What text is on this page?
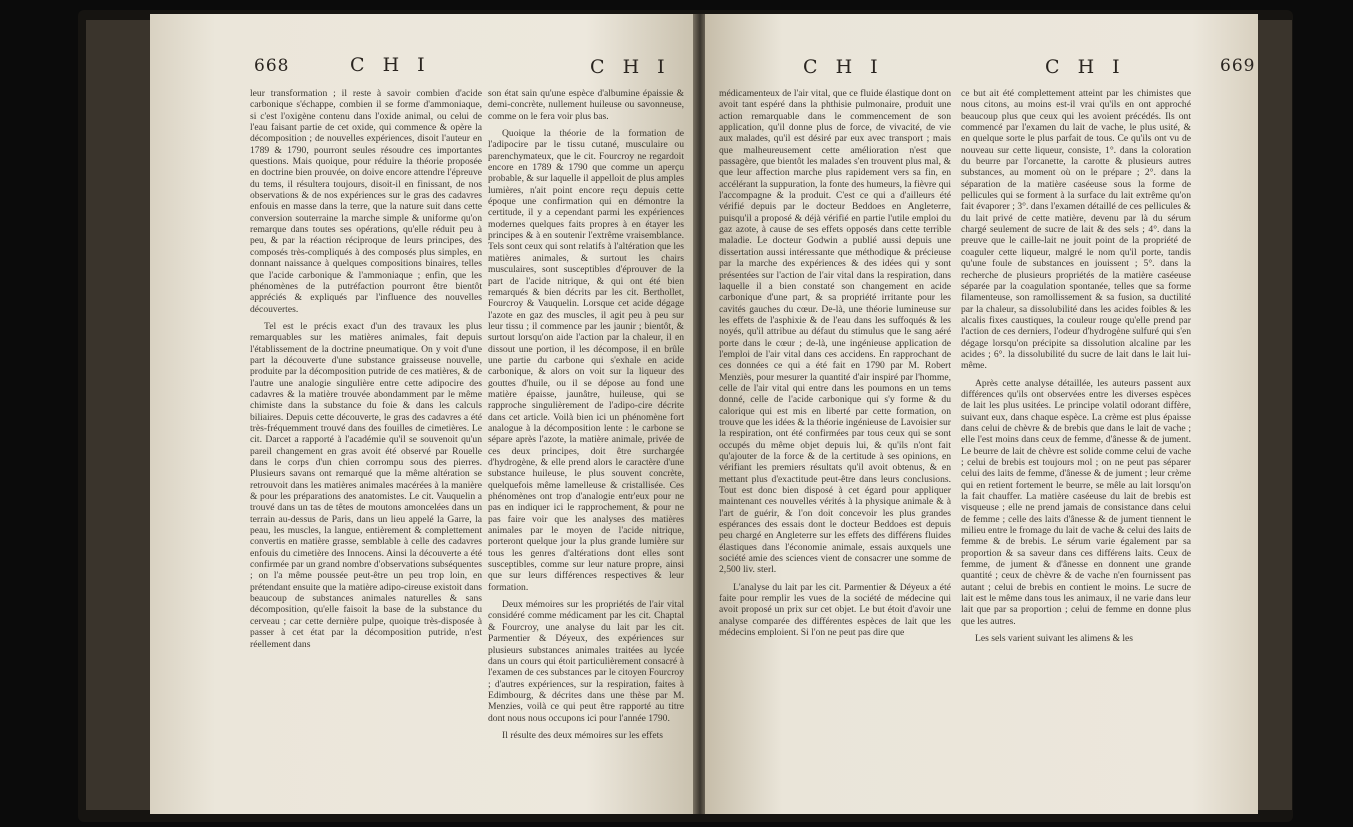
668	C H I	C H I

leur transformation ; il reste à savoir combien d'acide carbonique s'échappe, combien il se forme d'ammoniaque, si c'est l'oxigène contenu dans l'oxide animal, ou celui de l'eau faisant partie de cet oxide, qui commence & opère la décomposition ; de nouvelles expériences, disoit l'auteur en 1789 & 1790, pourront seules résoudre ces importantes questions. Mais quoique, pour réduire la théorie proposée en doctrine bien prouvée, on doive encore attendre l'épreuve du tems, il résultera toujours, disoit-il en finissant, de nos observations & de nos expériences sur le gras des cadavres enfouis en masse dans la terre, que la nature suit dans cette conversion souterraine la marche simple & uniforme qu'on remarque dans toutes ses opérations, qu'elle réduit peu à peu, & par la réaction réciproque de leurs principes, des composés très-compliqués à des composés plus simples, en donnant naissance à quelques compositions binaires, telles que l'acide carbonique & l'ammoniaque ; enfin, que les phénomènes de la putréfaction pourront être bientôt appréciés & expliqués par l'influence des nouvelles découvertes.

Tel est le précis exact d'un des travaux les plus remarquables sur les matières animales, fait depuis l'établissement de la doctrine pneumatique. On y voit d'une part la découverte d'une substance graisseuse nouvelle, produite par la décomposition putride de ces matières, & de l'autre une analogie singulière entre cette adipocire des cadavres & la matière trouvée abondamment par le même chimiste dans la substance du foie & dans les calculs biliaires. Depuis cette découverte, le gras des cadavres a été très-fréquemment trouvé dans des fouilles de cimetières. Le cit. Darcet a rapporté à l'académie qu'il se souvenoit qu'un pareil changement en gras avoit été observé par Rouelle dans le corps d'un chien corrompu sous des pierres. Plusieurs savans ont remarqué que la même altération se retrouvoit dans les matières animales macérées à la manière & pour les préparations des anatomistes. Le cit. Vauquelin a trouvé dans un tas de têtes de moutons amoncelées dans un terrain au-dessus de Paris, dans un lieu appelé la Garre, la peau, les muscles, la langue, entièrement & complettement convertis en matière grasse, semblable à celle des cadavres enfouis du cimetière des Innocens. Ainsi la découverte a été confirmée par un grand nombre d'observations subséquentes ; on l'a même poussée peut-être un peu trop loin, en prétendant ensuite que la matière adipo-cireuse existoit dans beaucoup de substances animales naturelles & sans décomposition, qu'elle faisoit la base de la substance du cerveau ; car cette dernière pulpe, quoique très-disposée à passer à cet état par la décomposition putride, n'est réellement dans

son état sain qu'une espèce d'albumine épaissie & demi-concrète, nullement huileuse ou savonneuse, comme on le fera voir plus bas.

Quoique la théorie de la formation de l'adipocire par le tissu cutané, musculaire ou parenchymateux, que le cit. Fourcroy ne regardoit encore en 1789 & 1790 que comme un aperçu probable, & sur laquelle il appelloit de plus amples lumières, n'ait point encore reçu depuis cette époque une confirmation qui en démontre la certitude, il y a cependant parmi les expériences modernes quelques faits propres à en étayer les principes & à en soutenir l'extrême vraisemblance. Tels sont ceux qui sont relatifs à l'altération que les matières animales, & surtout les chairs musculaires, sont susceptibles d'éprouver de la part de l'acide nitrique, & qui ont été bien remarqués & bien décrits par les cit. Berthollet, Fourcroy & Vauquelin. Lorsque cet acide dégage l'azote en gaz des muscles, il agit peu à peu sur leur tissu ; il commence par les jaunir ; bientôt, & surtout lorsqu'on aide l'action par la chaleur, il en dissout une portion, il les décompose, il en brûle une partie du carbone qui s'exhale en acide carbonique, & alors on voit sur la liqueur des gouttes d'huile, ou il se dépose au fond une matière épaisse, jaunâtre, huileuse, qui se rapproche singulièrement de l'adipo-cire décrite dans cet article. Voilà bien ici un phénomène fort analogue à la décomposition lente : le carbone se sépare après l'azote, la matière animale, privée de ces deux principes, doit être surchargée d'hydrogène, & elle prend alors le caractère d'une substance huileuse, le plus souvent concrète, quelquefois même lamelleuse & cristallisée. Ces phénomènes ont trop d'analogie entr'eux pour ne pas en indiquer ici le rapprochement, & pour ne pas faire voir que les analyses des matières animales par le moyen de l'acide nitrique, porteront quelque jour la plus grande lumière sur tous les genres d'altérations dont elles sont susceptibles, comme sur leur nature propre, ainsi que sur leurs différences respectives & leur formation.

Deux mémoires sur les propriétés de l'air vital considéré comme médicament par les cit. Chaptal & Fourcroy, une analyse du lait par les cit. Parmentier & Déyeux, des expériences sur plusieurs substances animales traitées au lycée dans un cours qui étoit particulièrement consacré à l'examen de ces substances par le citoyen Fourcroy ; d'autres expériences, sur la respiration, faites à Edimbourg, & décrites dans une thèse par M. Menzies, voilà ce qui peut être rapporté au titre dont nous nous occupons ici pour l'année 1790.

Il résulte des deux mémoires sur les effets

C H I	C H I	669

médicamenteux de l'air vital, que ce fluide élastique dont on avoit tant espéré dans la phthisie pulmonaire, produit une action remarquable dans le commencement de son application, qu'il donne plus de force, de vivacité, de vie aux malades, qu'il est désiré par eux avec transport ; mais que malheureusement cette amélioration n'est que passagère, que bientôt les malades s'en trouvent plus mal, & que leur affection marche plus rapidement vers sa fin, en accélérant la suppuration, la fonte des humeurs, la fièvre qui l'accompagne & la produit. C'est ce qui a d'ailleurs été vérifié depuis par le docteur Beddoes en Angleterre, puisqu'il a proposé & déjà vérifié en partie l'utile emploi du gaz azote, à cause de ses effets opposés dans cette terrible maladie. Le docteur Godwin a publié aussi depuis une dissertation aussi intéressante que méthodique & précieuse par la marche des expériences & des idées qui y sont présentées sur l'action de l'air vital dans la respiration, dans laquelle il a bien constaté son changement en acide carbonique d'une part, & sa propriété irritante pour les cavités gauches du cœur. De-là, une théorie lumineuse sur les effets de l'asphixie & de l'eau dans les suffoqués & les noyés, qu'il attribue au défaut du stimulus que le sang aéré porte dans le cœur ; de-là, une ingénieuse application de l'emploi de l'air vital dans ces accidens. En rapprochant de ces données ce qui a été fait en 1790 par M. Robert Menziès, pour mesurer la quantité d'air inspiré par l'homme, celle de l'air vital qui entre dans les poumons en un tems donné, celle de l'acide carbonique qui s'y forme & du calorique qui est mis en liberté par cette formation, on trouve que les idées & la théorie ingénieuse de Lavoisier sur la respiration, ont été confirmées par tous ceux qui se sont occupés du même objet depuis lui, & qu'ils n'ont fait qu'ajouter de la force & de la certitude à ses opinions, en vérifiant les premiers résultats qu'il avoit obtenus, & en mettant plus d'exactitude peut-être dans leurs conclusions. Tout est donc bien disposé à cet égard pour appliquer maintenant ces nouvelles vérités à la physique animale & à l'art de guérir, & l'on doit concevoir les plus grandes espérances des essais dont le docteur Beddoes est depuis peu chargé en Angleterre sur les effets des différens fluides élastiques dans l'économie animale, essais auxquels une société amie des sciences vient de consacrer une somme de 2,500 liv. sterl.

L'analyse du lait par les cit. Parmentier & Déyeux a été faite pour remplir les vues de la société de médecine qui avoit proposé un prix sur cet objet. Le but étoit d'avoir une analyse comparée des différentes espèces de lait que les médecins emploient. Si l'on ne peut pas dire que

ce but ait été complettement atteint par les chimistes que nous citons, au moins est-il vrai qu'ils en ont approché beaucoup plus que ceux qui les avoient précédés. Ils ont commencé par l'examen du lait de vache, le plus usité, & en quelque sorte le plus parfait de tous. Ce qu'ils ont vu de nouveau sur cette liqueur, consiste, 1°. dans la coloration du beurre par l'orcanette, la carotte & plusieurs autres substances, au moment où on le prépare ; 2°. dans la séparation de la matière caséeuse sous la forme de pellicules qui se forment à la surface du lait extrême qu'on fait évaporer ; 3°. dans l'examen détaillé de ces pellicules & du lait privé de cette matière, devenu par là du sérum chargé seulement de sucre de lait & des sels ; 4°. dans la preuve que le caille-lait ne jouit point de la propriété de coaguler cette liqueur, malgré le nom qu'il porte, tandis qu'une foule de substances en jouissent ; 5°. dans la recherche de plusieurs propriétés de la matière caséeuse séparée par la coagulation spontanée, telles que sa forme filamenteuse, son ramollissement & sa fusion, sa ductilité par la chaleur, sa dissolubilité dans les acides foibles & les alcalis fixes caustiques, la couleur rouge qu'elle prend par l'action de ces derniers, l'odeur d'hydrogène sulfuré qui s'en dégage lorsqu'on précipite sa dissolution alcaline par les acides ; 6°. la dissolubilité du sucre de lait dans le lait lui-même.

Après cette analyse détaillée, les auteurs passent aux différences qu'ils ont observées entre les diverses espèces de lait les plus usitées. Le principe volatil odorant diffère, suivant eux, dans chaque espèce. La crème est plus épaisse dans celui de chèvre & de brebis que dans le lait de vache ; elle l'est moins dans ceux de femme, d'ânesse & de jument. Le beurre de lait de chèvre est solide comme celui de vache ; celui de brebis est toujours mol ; on ne peut pas séparer celui des laits de femme, d'ânesse & de jument ; leur crème qui en retient fortement le beurre, se mêle au lait lorsqu'on la fait chauffer. La matière caséeuse du lait de brebis est visqueuse ; elle ne prend jamais de consistance dans celui de femme ; celle des laits d'ânesse & de jument tiennent le milieu entre le fromage du lait de vache & celui des laits de femme & de brebis. Le sérum varie également par sa proportion & sa saveur dans ces différens laits. Ceux de femme, de jument & d'ânesse en donnent une grande quantité ; ceux de chèvre & de vache n'en fournissent pas autant ; celui de brebis en contient le moins. Le sucre de lait est le même dans tous les animaux, il ne varie dans leur lait que par sa proportion ; celui de femme en donne plus que les autres.

Les sels varient suivant les alimens & les
